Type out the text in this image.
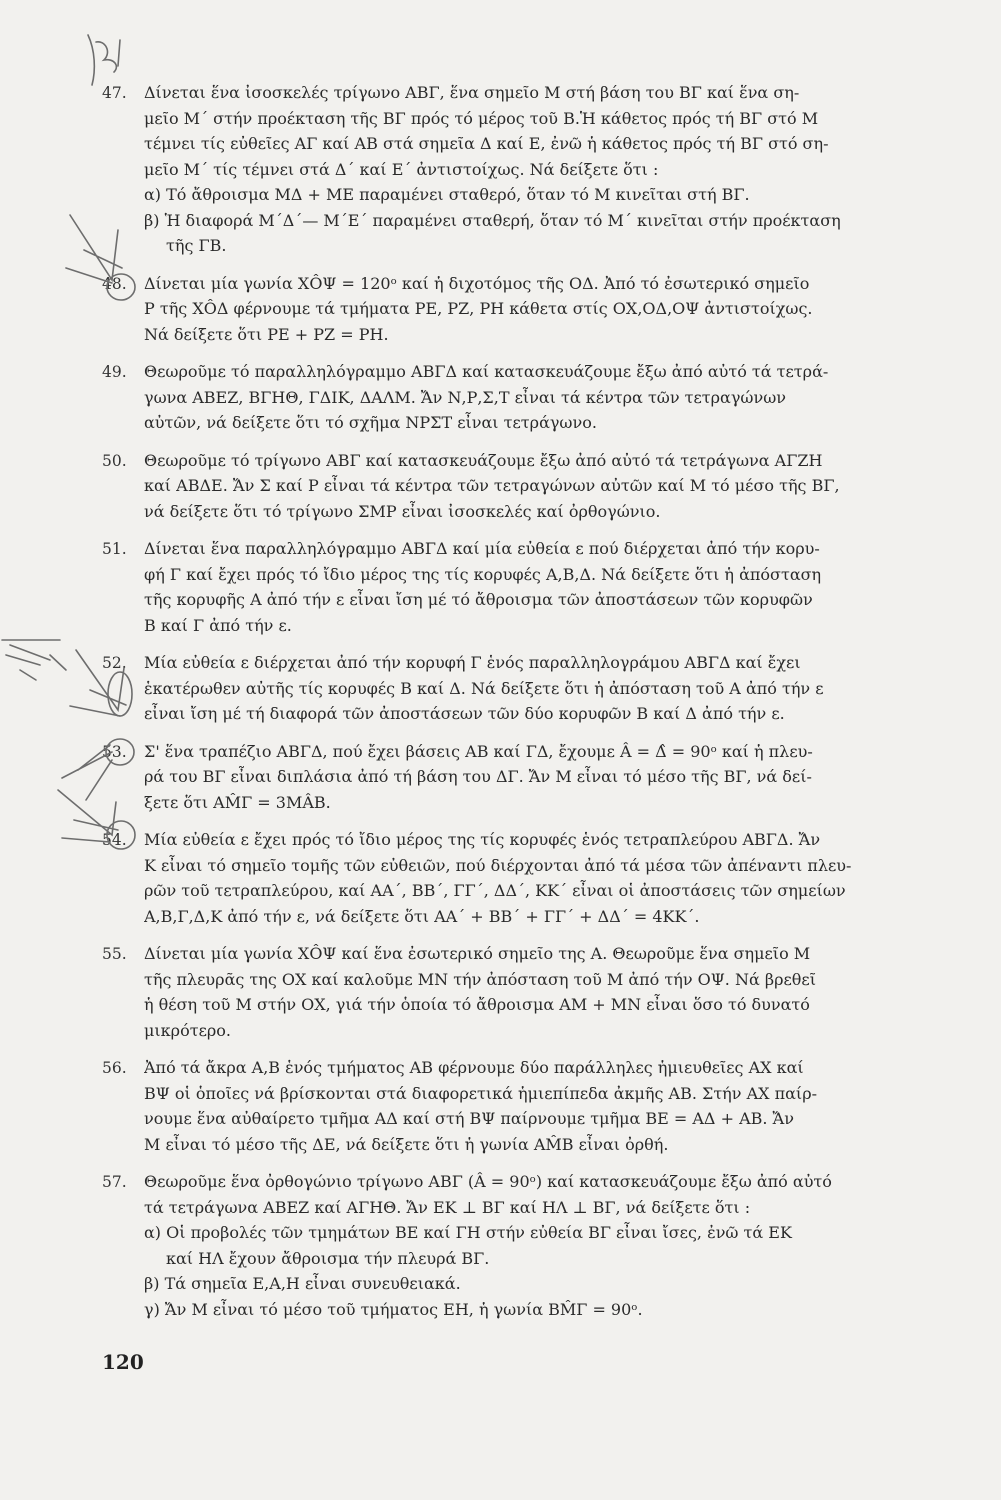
47.	Δίνεται ἕνα ἰσοσκελές τρίγωνο ΑΒΓ, ἕνα σημεῖο Μ στή βάση του ΒΓ καί ἕνα ση-
μεῖο Μ΄ στήν προέκταση τῆς ΒΓ πρός τό μέρος τοῦ Β.Ἡ κάθετος πρός τή ΒΓ στό Μ
τέμνει τίς εὐθεῖες ΑΓ καί ΑΒ στά σημεῖα Δ καί Ε, ἐνῶ ἡ κάθετος πρός τή ΒΓ στό ση-
μεῖο Μ΄ τίς τέμνει στά Δ΄ καί Ε΄ ἀντιστοίχως. Νά δείξετε ὅτι :
α) Τό ἄθροισμα ΜΔ + ΜΕ παραμένει σταθερό, ὅταν τό Μ κινεῖται στή ΒΓ.
β) Ἡ διαφορά Μ΄Δ΄— Μ΄Ε΄ παραμένει σταθερή, ὅταν τό Μ΄ κινεῖται στήν προέκταση
τῆς ΓΒ.
48.	Δίνεται μία γωνία ΧÔΨ = 120ᵒ καί ἡ διχοτόμος τῆς ΟΔ. Ἀπό τό ἐσωτερικό σημεῖο
Ρ τῆς ΧÔΔ φέρνουμε τά τμήματα ΡΕ, ΡΖ, ΡΗ κάθετα στίς ΟΧ,ΟΔ,ΟΨ ἀντιστοίχως.
Νά δείξετε ὅτι ΡΕ + ΡΖ = ΡΗ.
49.	Θεωροῦμε τό παραλληλόγραμμο ΑΒΓΔ καί κατασκευάζουμε ἔξω ἀπό αὐτό τά τετρά-
γωνα ΑΒΕΖ, ΒΓΗΘ, ΓΔΙΚ, ΔΑΛΜ. Ἄν Ν,Ρ,Σ,Τ εἶναι τά κέντρα τῶν τετραγώνων
αὐτῶν, νά δείξετε ὅτι τό σχῆμα ΝΡΣΤ εἶναι τετράγωνο.
50.	Θεωροῦμε τό τρίγωνο ΑΒΓ καί κατασκευάζουμε ἔξω ἀπό αὐτό τά τετράγωνα ΑΓΖΗ
καί ΑΒΔΕ. Ἄν Σ καί Ρ εἶναι τά κέντρα τῶν τετραγώνων αὐτῶν καί Μ τό μέσο τῆς ΒΓ,
νά δείξετε ὅτι τό τρίγωνο ΣΜΡ εἶναι ἰσοσκελές καί ὀρθογώνιο.
51.	Δίνεται ἕνα παραλληλόγραμμο ΑΒΓΔ καί μία εὐθεία ε πού διέρχεται ἀπό τήν κορυ-
φή Γ καί ἔχει πρός τό ἴδιο μέρος της τίς κορυφές Α,Β,Δ. Νά δείξετε ὅτι ἡ ἀπόσταση
τῆς κορυφῆς Α ἀπό τήν ε εἶναι ἴση μέ τό ἄθροισμα τῶν ἀποστάσεων τῶν κορυφῶν
Β καί Γ ἀπό τήν ε.
52.	Μία εὐθεία ε διέρχεται ἀπό τήν κορυφή Γ ἑνός παραλληλογράμου ΑΒΓΔ καί ἔχει
ἑκατέρωθεν αὐτῆς τίς κορυφές Β καί Δ. Νά δείξετε ὅτι ἡ ἀπόσταση τοῦ Α ἀπό τήν ε
εἶναι ἴση μέ τή διαφορά τῶν ἀποστάσεων τῶν δύο κορυφῶν Β καί Δ ἀπό τήν ε.
53.	Σ' ἕνα τραπέζιο ΑΒΓΔ, πού ἔχει βάσεις ΑΒ καί ΓΔ, ἔχουμε Â = Δ̂ = 90ᵒ καί ἡ πλευ-
ρά του ΒΓ εἶναι διπλάσια ἀπό τή βάση του ΔΓ. Ἄν Μ εἶναι τό μέσο τῆς ΒΓ, νά δεί-
ξετε ὅτι ΑM̂Γ = 3ΜÂΒ.
54.	Μία εὐθεία ε ἔχει πρός τό ἴδιο μέρος της τίς κορυφές ἑνός τετραπλεύρου ΑΒΓΔ. Ἄν
Κ εἶναι τό σημεῖο τομῆς τῶν εὐθειῶν, πού διέρχονται ἀπό τά μέσα τῶν ἀπέναντι πλευ-
ρῶν τοῦ τετραπλεύρου, καί ΑΑ΄, ΒΒ΄, ΓΓ΄, ΔΔ΄, ΚΚ΄ εἶναι οἱ ἀποστάσεις τῶν σημείων
Α,Β,Γ,Δ,Κ ἀπό τήν ε, νά δείξετε ὅτι ΑΑ΄ + ΒΒ΄ + ΓΓ΄ + ΔΔ΄ = 4ΚΚ΄.
55.	Δίνεται μία γωνία ΧÔΨ καί ἕνα ἐσωτερικό σημεῖο της Α. Θεωροῦμε ἕνα σημεῖο Μ
τῆς πλευρᾶς της ΟΧ καί καλοῦμε ΜΝ τήν ἀπόσταση τοῦ Μ ἀπό τήν ΟΨ. Νά βρεθεῖ
ἡ θέση τοῦ Μ στήν ΟΧ, γιά τήν ὁποία τό ἄθροισμα ΑΜ + ΜΝ εἶναι ὅσο τό δυνατό
μικρότερο.
56.	Ἀπό τά ἄκρα Α,Β ἑνός τμήματος ΑΒ φέρνουμε δύο παράλληλες ἡμιευθεῖες ΑΧ καί
ΒΨ οἱ ὁποῖες νά βρίσκονται στά διαφορετικά ἡμιεπίπεδα ἀκμῆς ΑΒ. Στήν ΑΧ παίρ-
νουμε ἕνα αὐθαίρετο τμῆμα ΑΔ καί στή ΒΨ παίρνουμε τμῆμα ΒΕ = ΑΔ + ΑΒ. Ἄν
Μ εἶναι τό μέσο τῆς ΔΕ, νά δείξετε ὅτι ἡ γωνία ΑM̂Β εἶναι ὀρθή.
57.	Θεωροῦμε ἕνα ὀρθογώνιο τρίγωνο ΑΒΓ (Â = 90ᵒ) καί κατασκευάζουμε ἔξω ἀπό αὐτό
τά τετράγωνα ΑΒΕΖ καί ΑΓΗΘ. Ἄν ΕΚ ⊥ ΒΓ καί ΗΛ ⊥ ΒΓ, νά δείξετε ὅτι :
α) Οἱ προβολές τῶν τμημάτων ΒΕ καί ΓΗ στήν εὐθεία ΒΓ εἶναι ἴσες, ἐνῶ τά ΕΚ
καί ΗΛ ἔχουν ἄθροισμα τήν πλευρά ΒΓ.
β) Τά σημεῖα Ε,Α,Η εἶναι συνευθειακά.
γ) Ἄν Μ εἶναι τό μέσο τοῦ τμήματος ΕΗ, ἡ γωνία ΒM̂Γ = 90ᵒ.
120
